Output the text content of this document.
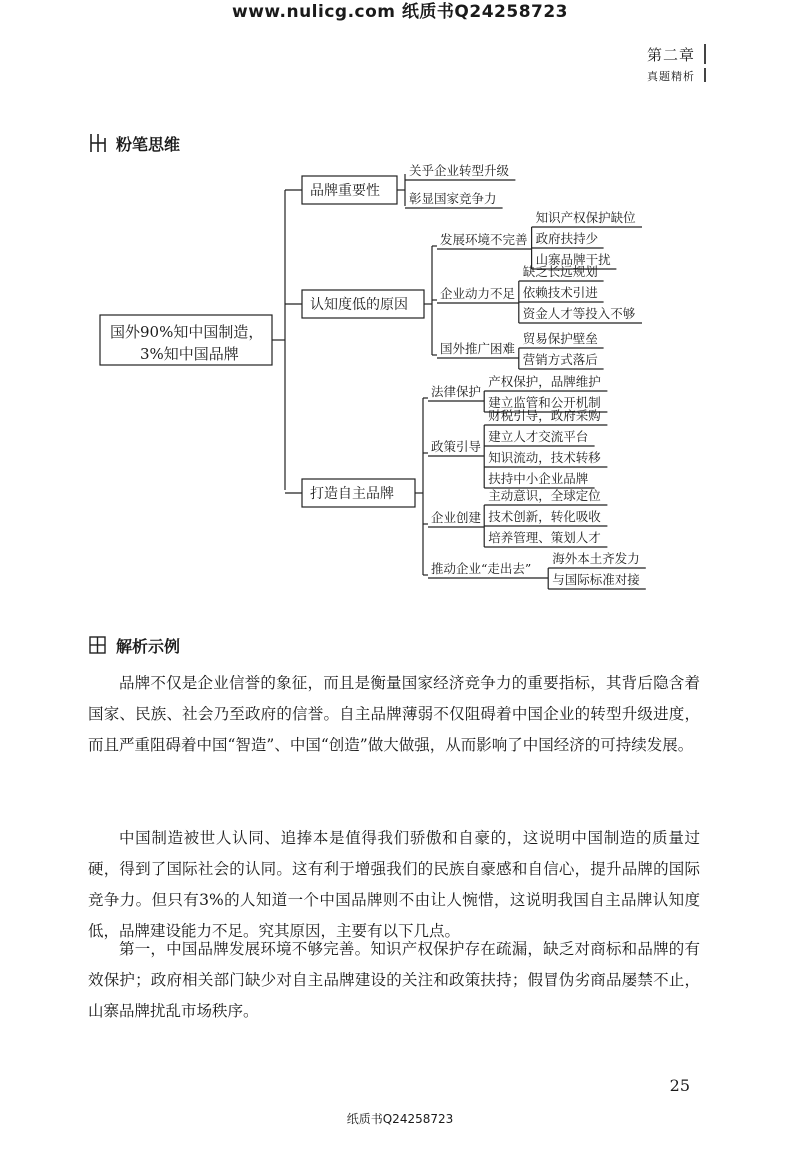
www.nulicg.com 纸质书Q24258723
第二章
真题精析
粉笔思维
国外90%知中国制造，
3%知中国品牌
品牌重要性
关乎企业转型升级
彰显国家竞争力
认知度低的原因
发展环境不完善
知识产权保护缺位
政府扶持少
山寨品牌干扰
企业动力不足
缺乏长远规划
依赖技术引进
资金人才等投入不够
国外推广困难
贸易保护壁垒
营销方式落后
打造自主品牌
法律保护
产权保护，品牌维护
建立监管和公开机制
政策引导
财税引导，政府采购
建立人才交流平台
知识流动，技术转移
扶持中小企业品牌
企业创建
主动意识，全球定位
技术创新，转化吸收
培养管理、策划人才
推动企业“走出去”
海外本土齐发力
与国际标准对接
解析示例

品牌不仅是企业信誉的象征，而且是衡量国家经济竞争力的重要指标，其背后隐含着国家、民族、社会乃至政府的信誉。自主品牌薄弱不仅阻碍着中国企业的转型升级进度，而且严重阻碍着中国“智造”、中国“创造”做大做强，从而影响了中国经济的可持续发展。

中国制造被世人认同、追捧本是值得我们骄傲和自豪的，这说明中国制造的质量过硬，得到了国际社会的认同。这有利于增强我们的民族自豪感和自信心，提升品牌的国际竞争力。但只有3%的人知道一个中国品牌则不由让人惋惜，这说明我国自主品牌认知度低，品牌建设能力不足。究其原因，主要有以下几点。

第一，中国品牌发展环境不够完善。知识产权保护存在疏漏，缺乏对商标和品牌的有效保护；政府相关部门缺少对自主品牌建设的关注和政策扶持；假冒伪劣商品屡禁不止，山寨品牌扰乱市场秩序。

25
纸质书Q24258723
